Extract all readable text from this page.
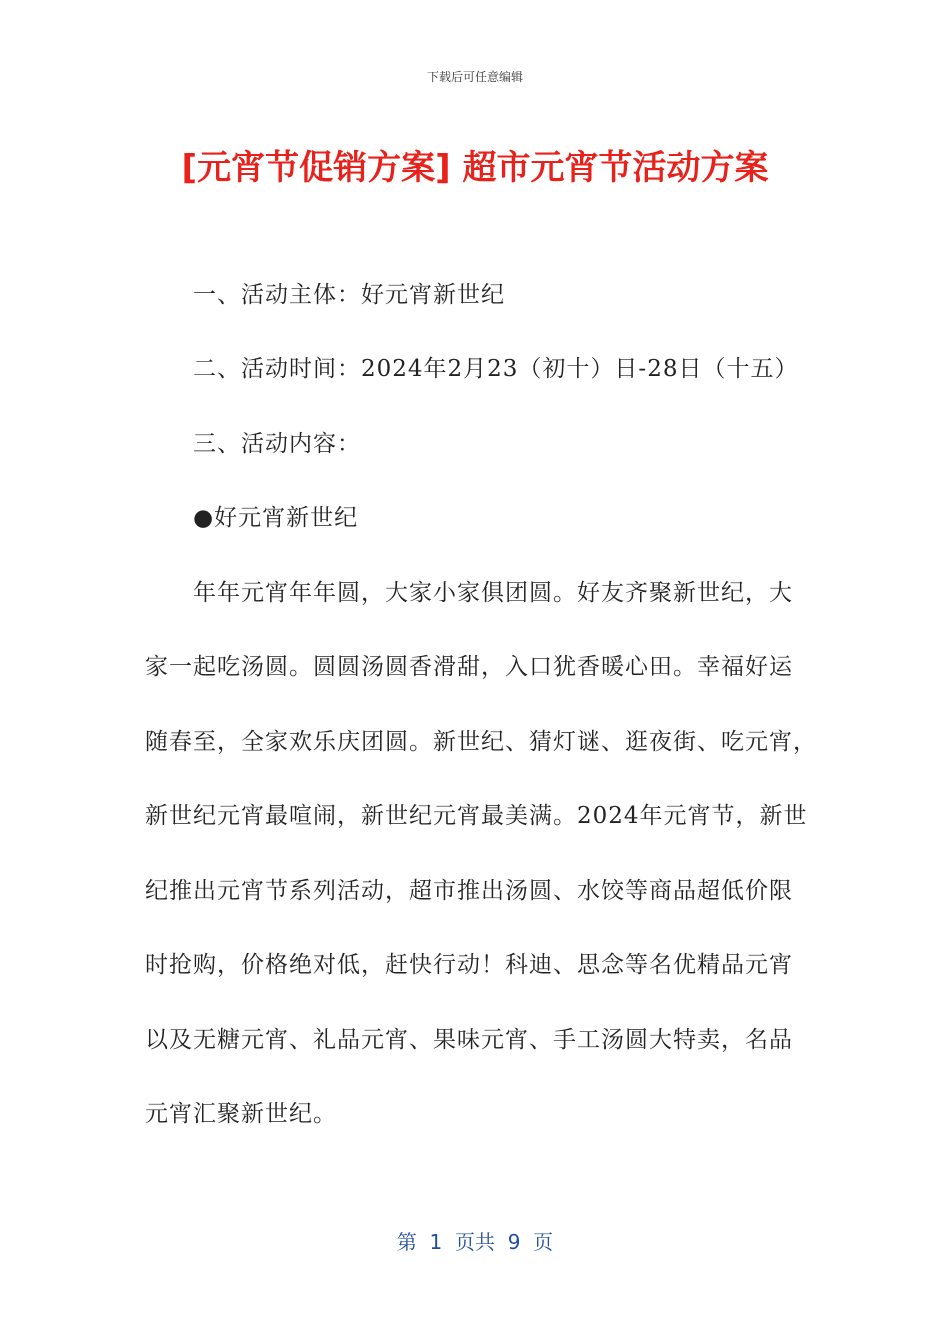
下载后可任意编辑
[元宵节促销方案] 超市元宵节活动方案
一、活动主体：好元宵新世纪
二、活动时间：2024年2月23（初十）日-28日（十五）
三、活动内容：
●好元宵新世纪
年年元宵年年圆，大家小家俱团圆。好友齐聚新世纪，大
家一起吃汤圆。圆圆汤圆香滑甜，入口犹香暖心田。幸福好运
随春至，全家欢乐庆团圆。新世纪、猜灯谜、逛夜街、吃元宵，
新世纪元宵最喧闹，新世纪元宵最美满。2024年元宵节，新世
纪推出元宵节系列活动，超市推出汤圆、水饺等商品超低价限
时抢购，价格绝对低，赶快行动！科迪、思念等名优精品元宵
以及无糖元宵、礼品元宵、果味元宵、手工汤圆大特卖，名品
元宵汇聚新世纪。
第  1  页共  9  页
